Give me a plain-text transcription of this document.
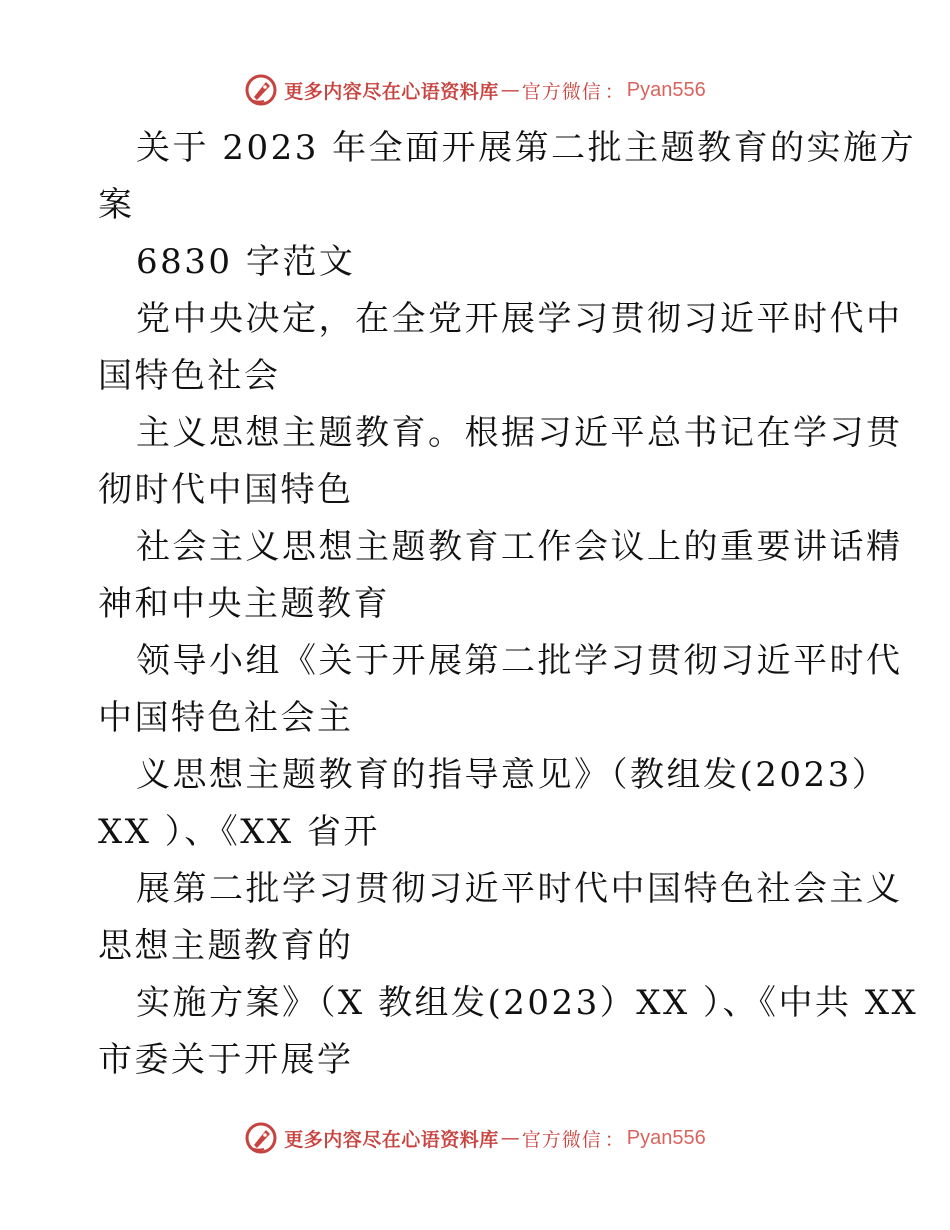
更多内容尽在心语资料库 — 官方微信 ： Pyan556

关于 2023 年全面开展第二批主题教育的实施方
案

6830 字范文

党中央决定，在全党开展学习贯彻习近平时代中
国特色社会

主义思想主题教育。根据习近平总书记在学习贯
彻时代中国特色

社会主义思想主题教育工作会议上的重要讲话精
神和中央主题教育

领导小组《关于开展第二批学习贯彻习近平时代
中国特色社会主

义思想主题教育的指导意见》（教组发(2023）
XX ）、《XX 省开

展第二批学习贯彻习近平时代中国特色社会主义
思想主题教育的

实施方案》（X 教组发(2023）XX ）、《中共 XX
市委关于开展学

更多内容尽在心语资料库 — 官方微信 ： Pyan556
